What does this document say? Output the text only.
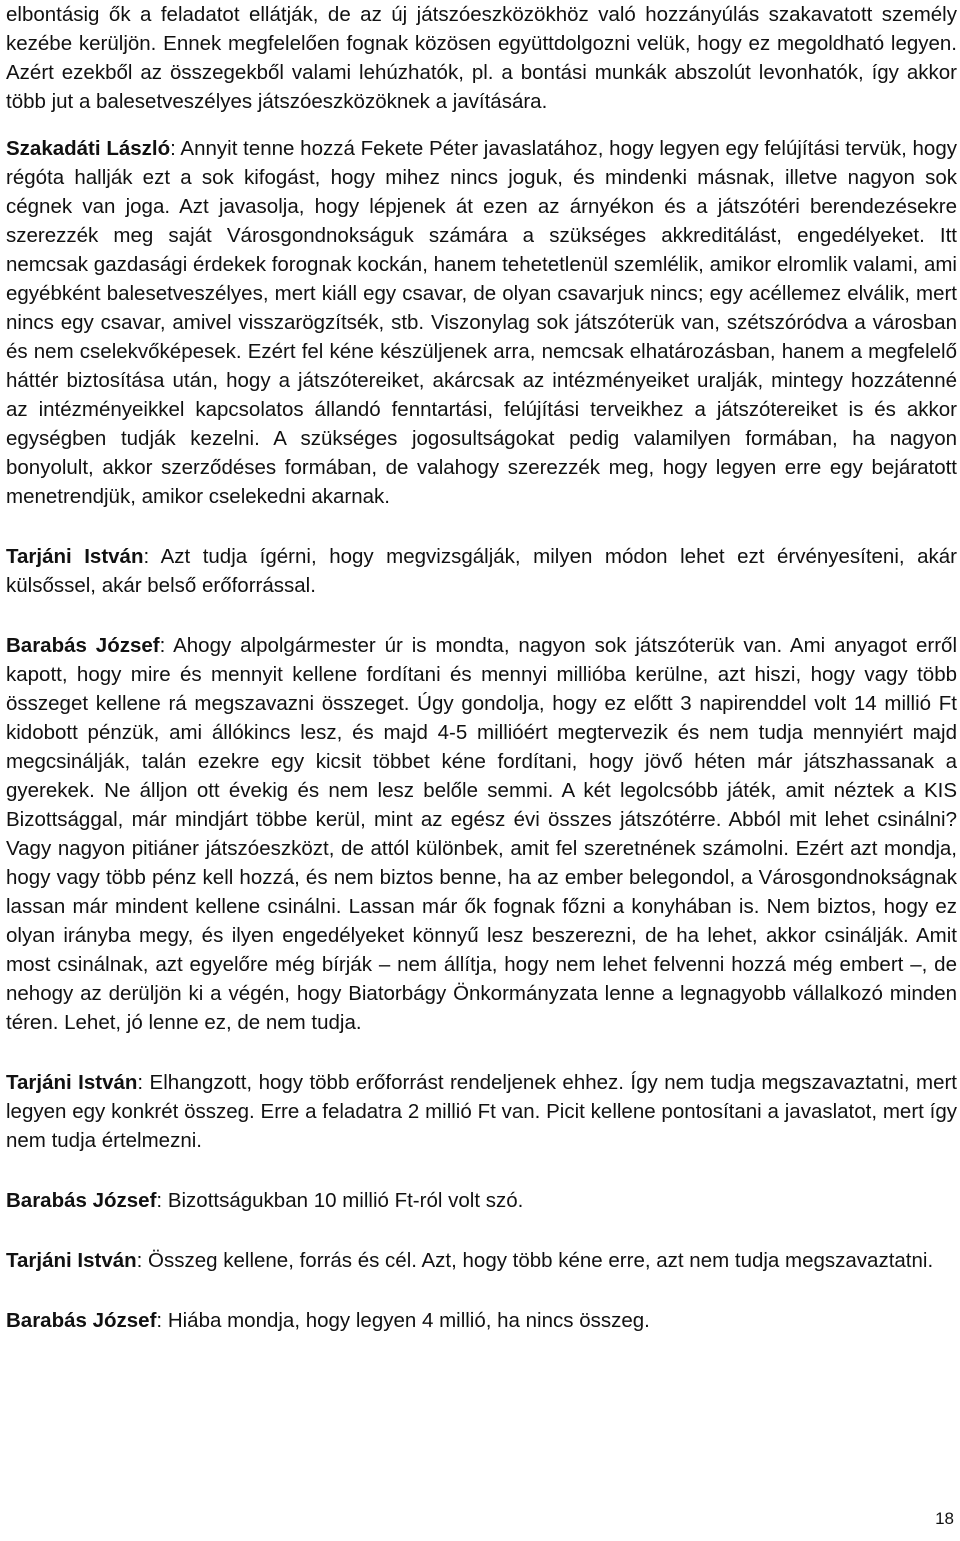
elbontásig ők a feladatot ellátják, de az új játszóeszközökhöz való hozzányúlás szakavatott személy kezébe kerüljön. Ennek megfelelően fognak közösen együttdolgozni velük, hogy ez megoldható legyen. Azért ezekből az összegekből valami lehúzhatók, pl. a bontási munkák abszolút levonhatók, így akkor több jut a balesetveszélyes játszóeszközöknek a javítására.

Szakadáti László: Annyit tenne hozzá Fekete Péter javaslatához, hogy legyen egy felújítási tervük, hogy régóta hallják ezt a sok kifogást, hogy mihez nincs joguk, és mindenki másnak, illetve nagyon sok cégnek van joga. Azt javasolja, hogy lépjenek át ezen az árnyékon és a játszótéri berendezésekre szerezzék meg saját Városgondnokságuk számára a szükséges akkreditálást, engedélyeket. Itt nemcsak gazdasági érdekek forognak kockán, hanem tehetetlenül szemlélik, amikor elromlik valami, ami egyébként balesetveszélyes, mert kiáll egy csavar, de olyan csavarjuk nincs; egy acéllemez elválik, mert nincs egy csavar, amivel visszarögzítsék, stb. Viszonylag sok játszóterük van, szétszóródva a városban és nem cselekvőképesek. Ezért fel kéne készüljenek arra, nemcsak elhatározásban, hanem a megfelelő háttér biztosítása után, hogy a játszótereiket, akárcsak az intézményeiket uralják, mintegy hozzátenné az intézményeikkel kapcsolatos állandó fenntartási, felújítási terveikhez a játszótereiket is és akkor egységben tudják kezelni. A szükséges jogosultságokat pedig valamilyen formában, ha nagyon bonyolult, akkor szerződéses formában, de valahogy szerezzék meg, hogy legyen erre egy bejáratott menetrendjük, amikor cselekedni akarnak.

Tarjáni István: Azt tudja ígérni, hogy megvizsgálják, milyen módon lehet ezt érvényesíteni, akár külsőssel, akár belső erőforrással.

Barabás József: Ahogy alpolgármester úr is mondta, nagyon sok játszóterük van. Ami anyagot erről kapott, hogy mire és mennyit kellene fordítani és mennyi millióba kerülne, azt hiszi, hogy vagy több összeget kellene rá megszavazni összeget. Úgy gondolja, hogy ez előtt 3 napirenddel volt 14 millió Ft kidobott pénzük, ami állókincs lesz, és majd 4-5 millióért megtervezik és nem tudja mennyiért majd megcsinálják, talán ezekre egy kicsit többet kéne fordítani, hogy jövő héten már játszhassanak a gyerekek. Ne álljon ott évekig és nem lesz belőle semmi. A két legolcsóbb játék, amit néztek a KIS Bizottsággal, már mindjárt többe kerül, mint az egész évi összes játszótérre. Abból mit lehet csinálni? Vagy nagyon pitiáner játszóeszközt, de attól különbek, amit fel szeretnének számolni. Ezért azt mondja, hogy vagy több pénz kell hozzá, és nem biztos benne, ha az ember belegondol, a Városgondnokságnak lassan már mindent kellene csinálni. Lassan már ők fognak főzni a konyhában is. Nem biztos, hogy ez olyan irányba megy, és ilyen engedélyeket könnyű lesz beszerezni, de ha lehet, akkor csinálják. Amit most csinálnak, azt egyelőre még bírják – nem állítja, hogy nem lehet felvenni hozzá még embert –, de nehogy az derüljön ki a végén, hogy Biatorbágy Önkormányzata lenne a legnagyobb vállalkozó minden téren. Lehet, jó lenne ez, de nem tudja.

Tarjáni István: Elhangzott, hogy több erőforrást rendeljenek ehhez. Így nem tudja megszavaztatni, mert legyen egy konkrét összeg. Erre a feladatra 2 millió Ft van. Picit kellene pontosítani a javaslatot, mert így nem tudja értelmezni.

Barabás József: Bizottságukban 10 millió Ft-ról volt szó.

Tarjáni István: Összeg kellene, forrás és cél. Azt, hogy több kéne erre, azt nem tudja megszavaztatni.

Barabás József: Hiába mondja, hogy legyen 4 millió, ha nincs összeg.

18
